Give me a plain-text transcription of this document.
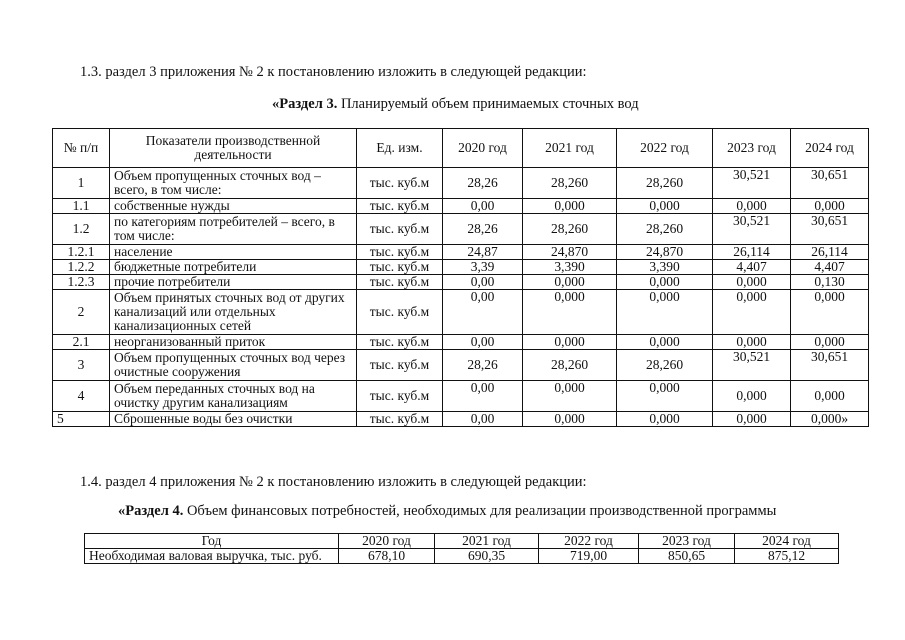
1.3. раздел 3 приложения № 2 к постановлению изложить в следующей редакции:
«Раздел 3. Планируемый объем принимаемых сточных вод
№ п/п	Показатели производственной деятельности	Ед. изм.	2020 год	2021 год	2022 год	2023 год	2024 год
1	Объем пропущенных сточных вод – всего, в том числе:	тыс. куб.м	28,26	28,260	28,260	30,521	30,651
1.1	собственные нужды	тыс. куб.м	0,00	0,000	0,000	0,000	0,000
1.2	по категориям потребителей – всего, в том числе:	тыс. куб.м	28,26	28,260	28,260	30,521	30,651
1.2.1	население	тыс. куб.м	24,87	24,870	24,870	26,114	26,114
1.2.2	бюджетные потребители	тыс. куб.м	3,39	3,390	3,390	4,407	4,407
1.2.3	прочие потребители	тыс. куб.м	0,00	0,000	0,000	0,000	0,130
2	Объем принятых сточных вод от других канализаций или отдельных канализационных сетей	тыс. куб.м	0,00	0,000	0,000	0,000	0,000
2.1	неорганизованный приток	тыс. куб.м	0,00	0,000	0,000	0,000	0,000
3	Объем пропущенных сточных вод через очистные сооружения	тыс. куб.м	28,26	28,260	28,260	30,521	30,651
4	Объем переданных сточных вод на очистку другим канализациям	тыс. куб.м	0,00	0,000	0,000	0,000	0,000
5	Сброшенные воды без очистки	тыс. куб.м	0,00	0,000	0,000	0,000	0,000»
1.4. раздел 4 приложения № 2 к постановлению изложить в следующей редакции:
«Раздел 4. Объем финансовых потребностей, необходимых для реализации производственной программы
Год	2020 год	2021 год	2022 год	2023 год	2024 год
Необходимая валовая выручка, тыс. руб.	678,10	690,35	719,00	850,65	875,12
